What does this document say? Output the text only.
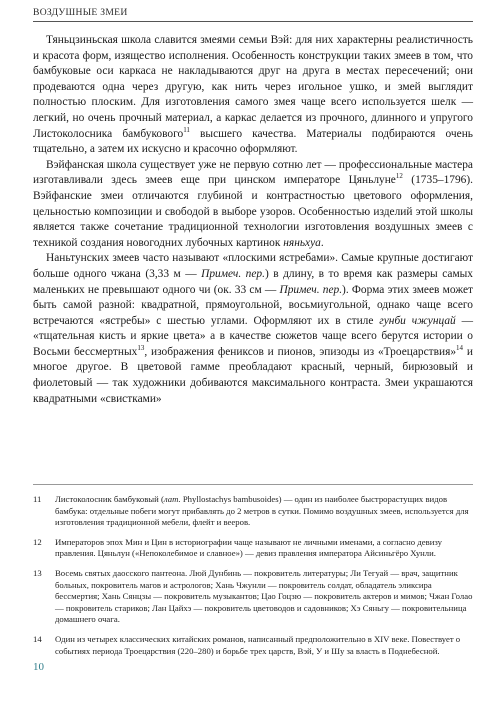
ВОЗДУШНЫЕ ЗМЕИ

Тяньцзиньская школа славится змеями семьи Вэй: для них характерны реалистичность и красота форм, изящество исполнения. Особенность конструкции таких змеев в том, что бамбуковые оси каркаса не накладываются друг на друга в местах пересечений; они продеваются одна через другую, как нить через игольное ушко, и змей выглядит полностью плоским. Для изготовления самого змея чаще всего используется шелк — легкий, но очень прочный материал, а каркас делается из прочного, длинного и упругого Листоколосника бамбукового$^{11}$ высшего качества. Материалы подбираются очень тщательно, а затем их искусно и красочно оформляют.

Вэйфанская школа существует уже не первую сотню лет — профессиональные мастера изготавливали здесь змеев еще при цинском императоре Цяньлуне$^{12}$ (1735–1796). Вэйфанские змеи отличаются глубиной и контрастностью цветового оформления, цельностью композиции и свободой в выборе узоров. Особенностью изделий этой школы является также сочетание традиционной технологии изготовления воздушных змеев с техникой создания новогодних лубочных картинок няньхуа.

Наньтунских змеев часто называют «плоскими ястребами». Самые крупные достигают больше одного чжана (3,33 м — Примеч. пер.) в длину, в то время как размеры самых маленьких не превышают одного чи (ок. 33 см — Примеч. пер.). Форма этих змеев может быть самой разной: квадратной, прямоугольной, восьмиугольной, однако чаще всего встречаются «ястребы» с шестью углами. Оформляют их в стиле гунби чжунцай — «тщательная кисть и яркие цвета» а в качестве сюжетов чаще всего берутся истории о Восьми бессмертных$^{13}$, изображения фениксов и пионов, эпизоды из «Троецарствия»$^{14}$ и многое другое. В цветовой гамме преобладают красный, черный, бирюзовый и фиолетовый — так художники добиваются максимального контраста. Змеи украшаются квадратными «свистками»

11	Листоколосник бамбуковый (лат. Phyllostachys bambusoides) — один из наиболее быстрорастущих видов бамбука: отдельные побеги могут прибавлять до 2 метров в сутки. Помимо воздушных змеев, используется для изготовления традиционной мебели, флейт и вееров.
12	Императоров эпох Мин и Цин в историографии чаще называют не личными именами, а согласно девизу правления. Цяньлун («Непоколебимое и славное») — девиз правления императора Айсиньгёро Хунли.
13	Восемь святых даосского пантеона. Люй Дунбинь — покровитель литературы; Ли Тегуай — врач, защитник больных, покровитель магов и астрологов; Хань Чжунли — покровитель солдат, обладатель эликсира бессмертия; Хань Сянцзы — покровитель музыкантов; Цао Гоцзю — покровитель актеров и мимов; Чжан Голао — покровитель стариков; Лан Цайхэ — покровитель цветоводов и садовников; Хэ Сяньгу — покровительница домашнего очага.
14	Один из четырех классических китайских романов, написанный предположительно в XIV веке. Повествует о событиях периода Троецарствия (220–280) и борьбе трех царств, Вэй, У и Шу за власть в Поднебесной.
10
